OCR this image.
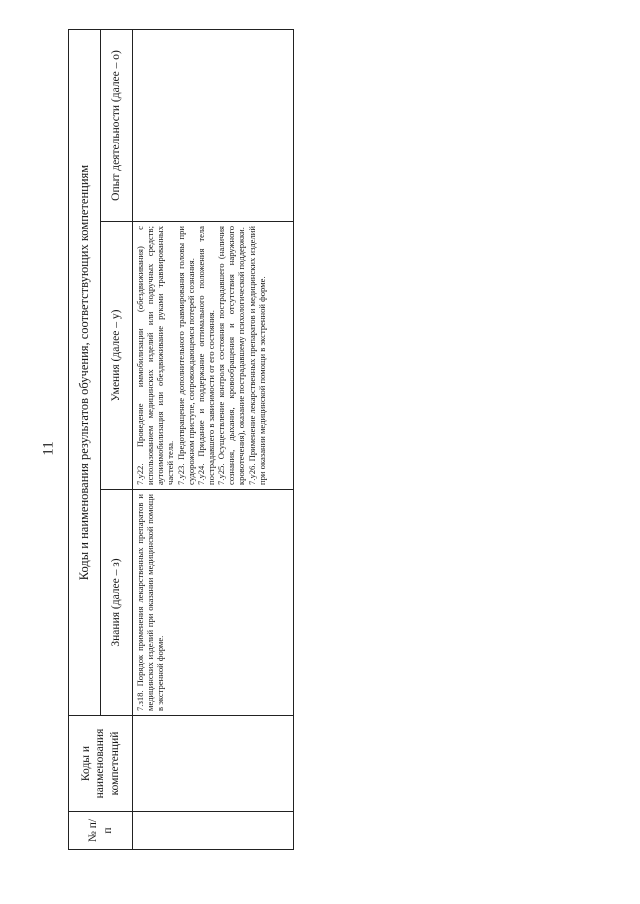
11
№ п/п	Коды и наименования компетенций	Коды и наименования результатов обучения, соответствующих компетенциям		
		Знания (далее – з)	Умения (далее – у)	Опыт деятельности (далее – о)

		7.з18. Порядок применения лекарственных препаратов и медицинских изделий при оказании медицинской помощи в экстренной форме.	7.у22. Проведение иммобилизации (обездвиживания) с использованием медицинских изделий или подручных средств; аутоиммобилизация или обездвиживание руками травмированных частей тела. 7.у23. Предотвращение дополнительного травмирования головы при судорожном приступе, сопровождающемся потерей сознания. 7.у24. Придание и поддержание оптимального положения тела пострадавшего в зависимости от его состояния. 7.у25. Осуществление контроля состояния пострадавшего (наличия сознания, дыхания, кровообращения и отсутствия наружного кровотечения), оказание пострадавшему психологической поддержки. 7.у26. Применение лекарственных препаратов и медицинских изделий при оказании медицинской помощи в экстренной форме.	
